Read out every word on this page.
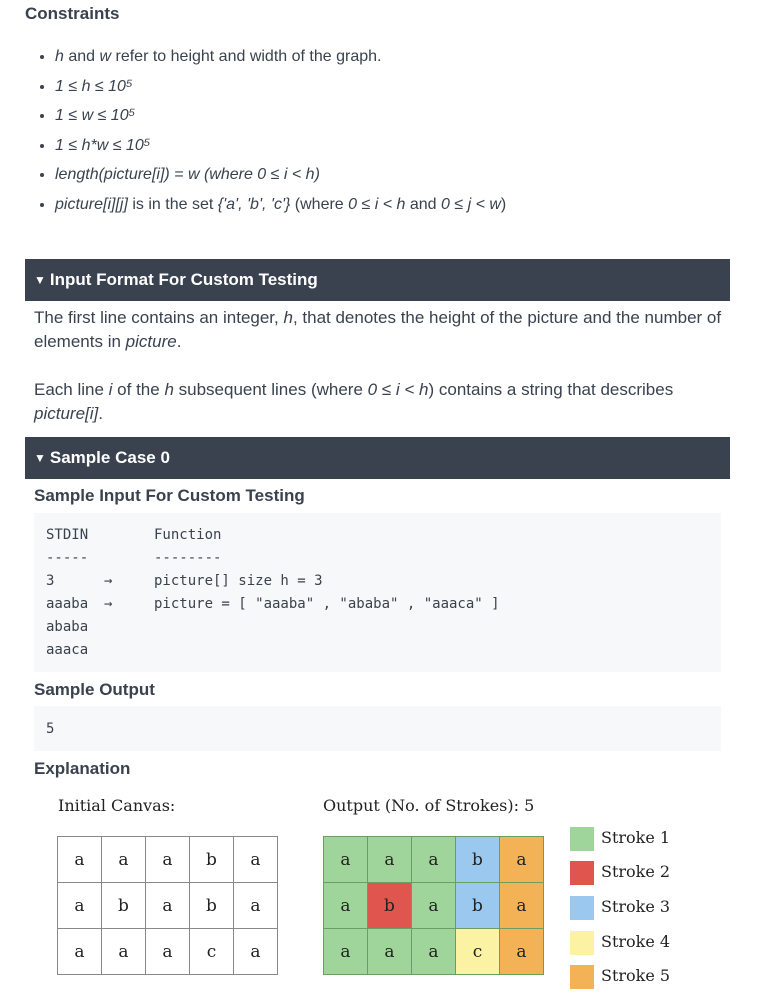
Constraints
• h and w refer to height and width of the graph.
• 1 ≤ h ≤ 10⁵
• 1 ≤ w ≤ 10⁵
• 1 ≤ h*w ≤ 10⁵
• length(picture[i]) = w (where 0 ≤ i < h)
• picture[i][j] is in the set {'a', 'b', 'c'} (where 0 ≤ i < h and 0 ≤ j < w)
▼ Input Format For Custom Testing
The first line contains an integer, h, that denotes the height of the picture and the number of elements in picture.
Each line i of the h subsequent lines (where 0 ≤ i < h) contains a string that describes picture[i].
▼ Sample Case 0
Sample Input For Custom Testing
STDIN	Function
-----	--------
3	→	picture[] size h = 3
aaaba →	picture = [ "aaaba" , "ababa" , "aaaca" ]
ababa
aaaca
Sample Output
5
Explanation
Initial Canvas:	Output (No. of Strokes): 5
a	a	a	b	a
a	b	a	b	a
a	a	a	c	a
a	a	a	b	a
a	b	a	b	a
a	a	a	c	a
Stroke 1
Stroke 2
Stroke 3
Stroke 4
Stroke 5
